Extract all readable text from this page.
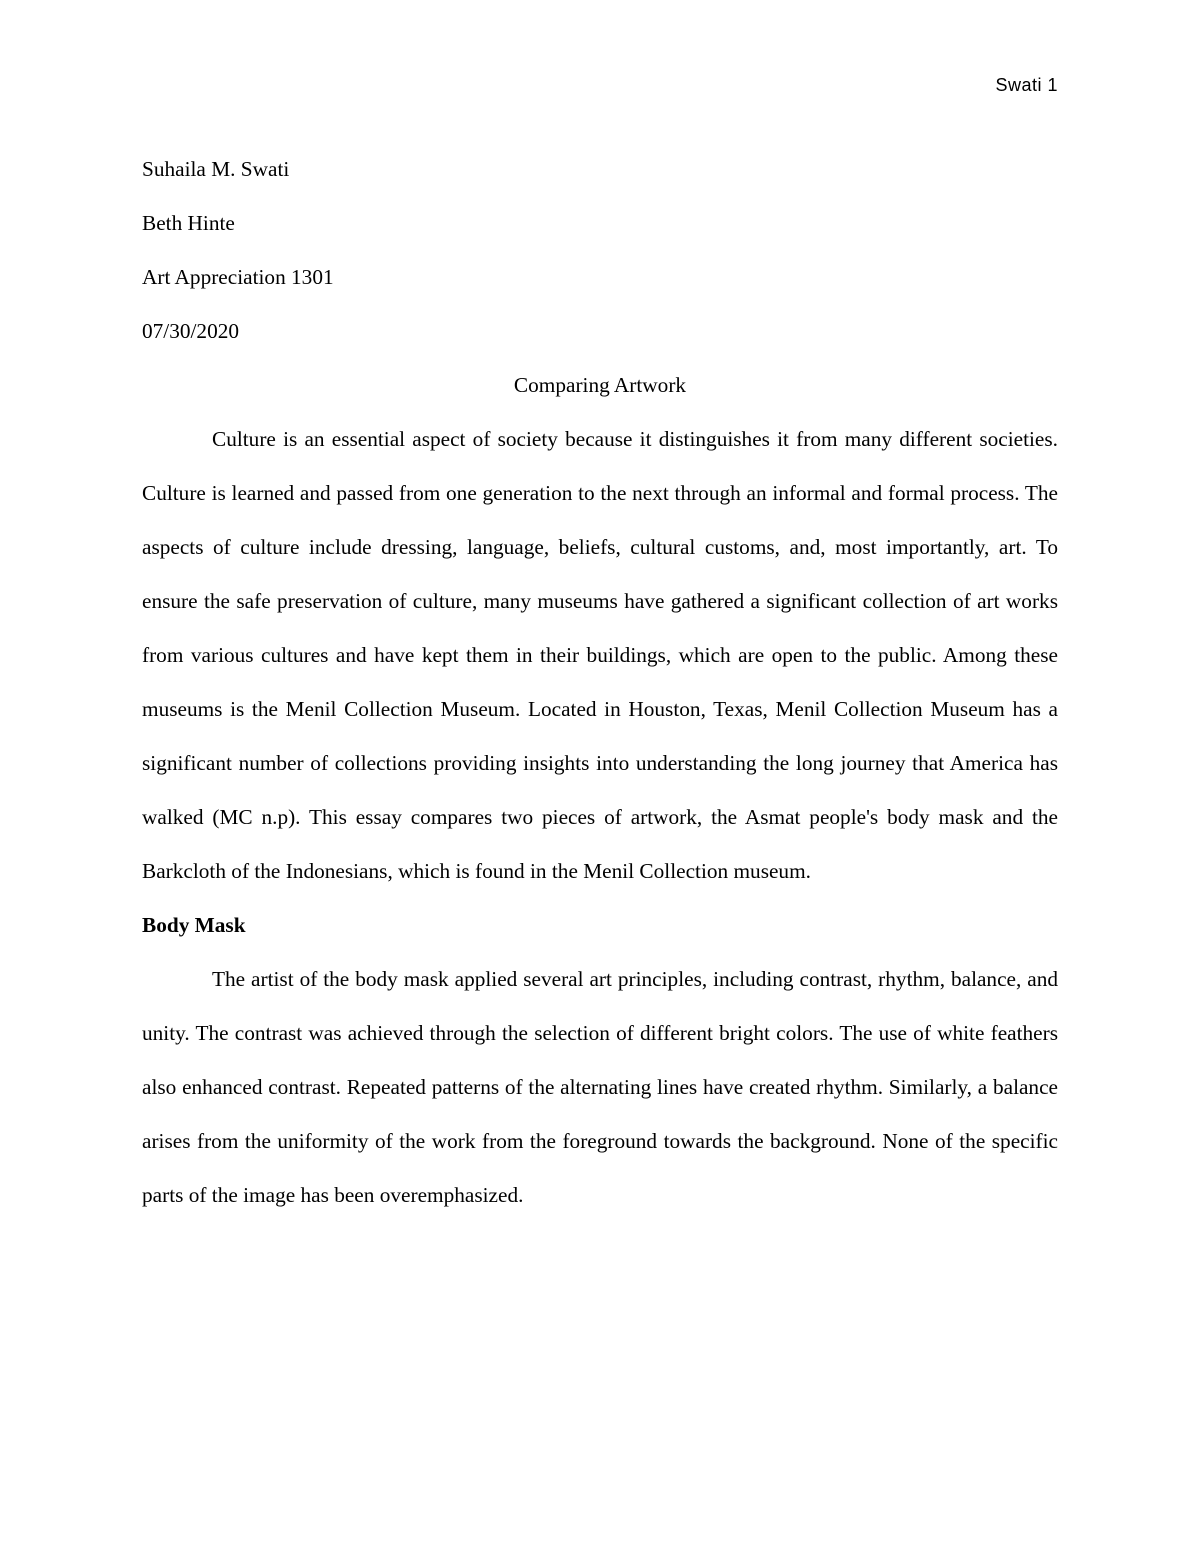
Swati 1

Suhaila M. Swati

Beth Hinte

Art Appreciation 1301

07/30/2020

Comparing Artwork

Culture is an essential aspect of society because it distinguishes it from many different societies. Culture is learned and passed from one generation to the next through an informal and formal process. The aspects of culture include dressing, language, beliefs, cultural customs, and, most importantly, art. To ensure the safe preservation of culture, many museums have gathered a significant collection of art works from various cultures and have kept them in their buildings, which are open to the public. Among these museums is the Menil Collection Museum. Located in Houston, Texas, Menil Collection Museum has a significant number of collections providing insights into understanding the long journey that America has walked (MC n.p). This essay compares two pieces of artwork, the Asmat people's body mask and the Barkcloth of the Indonesians, which is found in the Menil Collection museum.

Body Mask

The artist of the body mask applied several art principles, including contrast, rhythm, balance, and unity. The contrast was achieved through the selection of different bright colors. The use of white feathers also enhanced contrast. Repeated patterns of the alternating lines have created rhythm. Similarly, a balance arises from the uniformity of the work from the foreground towards the background. None of the specific parts of the image has been overemphasized.
